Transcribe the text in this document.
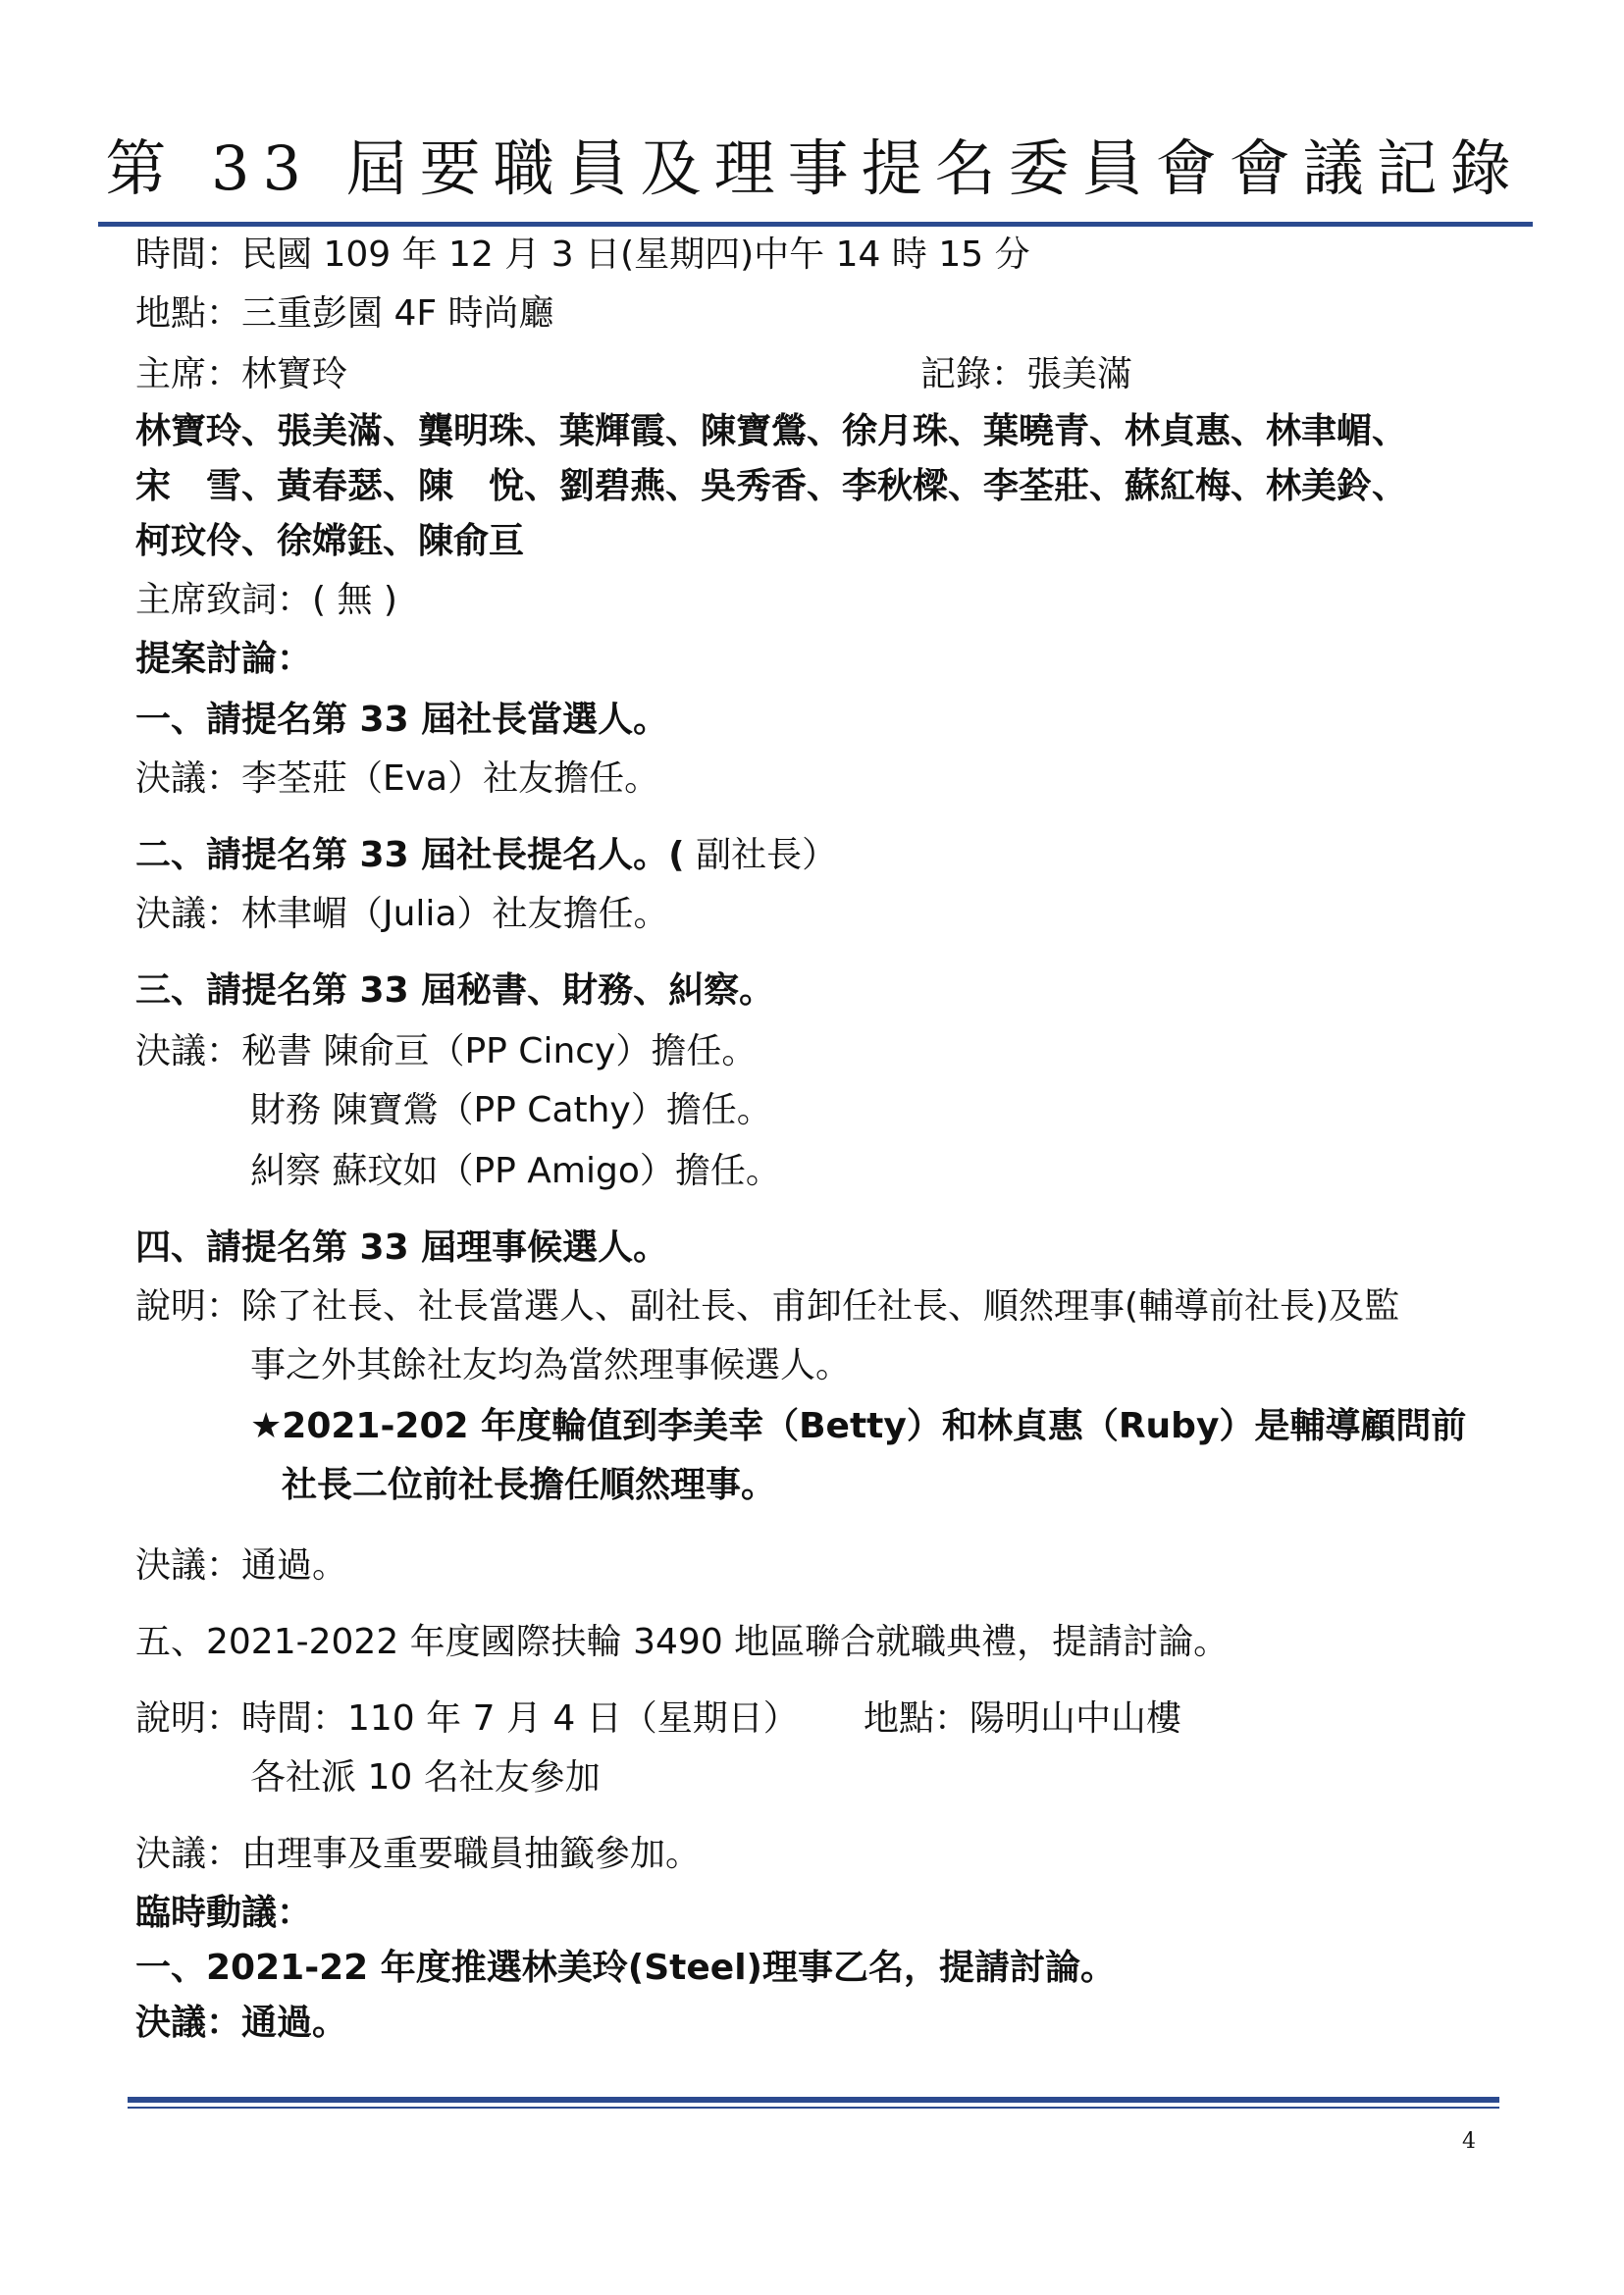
第 33 屆要職員及理事提名委員會會議記錄
時間：民國 109 年 12 月 3 日(星期四)中午 14 時 15 分
地點：三重彭園 4F 時尚廳
主席：林寶玲	記錄：張美滿
林寶玲、張美滿、龔明珠、葉輝霞、陳寶鶯、徐月珠、葉曉青、林貞惠、林聿嵋、
宋　雪、黃春瑟、陳　悅、劉碧燕、吳秀香、李秋樑、李荃莊、蘇紅梅、林美鈴、
柯玟伶、徐嫦鈺、陳俞亘
主席致詞：( 無 )
提案討論：
一、請提名第 33 屆社長當選人。
決議：李荃莊（Eva）社友擔任。
二、請提名第 33 屆社長提名人。( 副社長）
決議：林聿嵋（Julia）社友擔任。
三、請提名第 33 屆秘書、財務、糾察。
決議：秘書 陳俞亘（PP Cincy）擔任。
財務 陳寶鶯（PP Cathy）擔任。
糾察 蘇玟如（PP Amigo）擔任。
四、請提名第 33 屆理事候選人。
說明：除了社長、社長當選人、副社長、甫卸任社長、順然理事(輔導前社長)及監
事之外其餘社友均為當然理事候選人。
★2021-202 年度輪值到李美幸（Betty）和林貞惠（Ruby）是輔導顧問前
社長二位前社長擔任順然理事。
決議：通過。
五、2021-2022 年度國際扶輪 3490 地區聯合就職典禮，提請討論。
說明：時間：110 年 7 月 4 日（星期日） 地點：陽明山中山樓
各社派 10 名社友參加
決議：由理事及重要職員抽籤參加。
臨時動議：
一、2021-22 年度推選林美玲(Steel)理事乙名，提請討論。
決議：通過。
4
